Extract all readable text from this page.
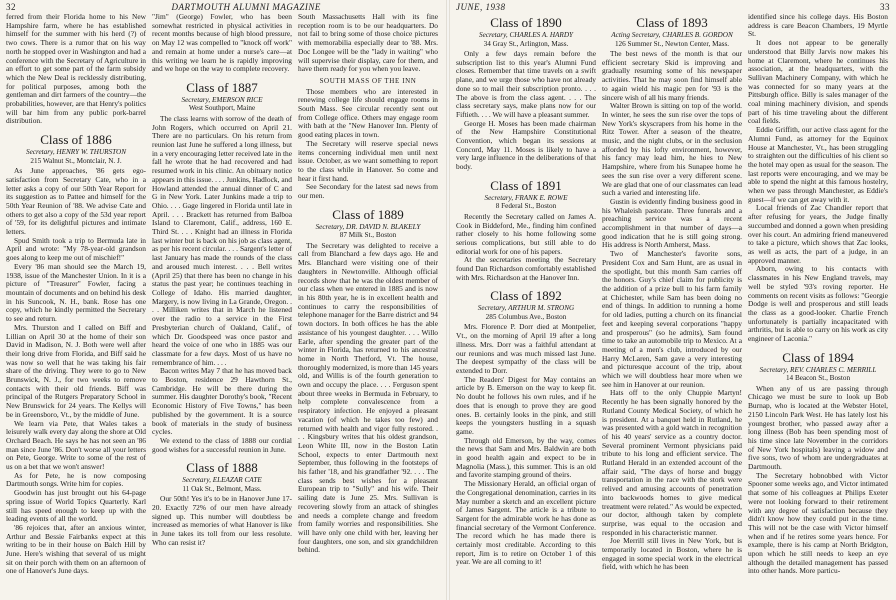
32	DARTMOUTH ALUMNI MAGAZINE

ferred from their Florida home to his New Hampshire farm, where he has established himself for the summer with his herd (?) of two cows. There is a rumor that on his way north he stopped over in Washington and had a conference with the Secretary of Agriculture in an effort to get some part of the farm subsidy which the New Deal is recklessly distributing, for political purposes, among both the gentleman and dirt farmers of the country—the probabilities, however, are that Henry's politics will bar him from any public pork-barrel distribution.

Class of 1886
Secretary, HENRY W. THURSTON
215 Walnut St., Montclair, N. J.

As June approaches, '86 gets ego-satisfaction from Secretary Cate, who in a letter asks a copy of our 50th Year Report for its suggestion as to Pattee and himself for the 50th Year Reunion of '88. We advise Cate and others to get also a copy of the 53d year report of '59, for its delightful pictures and intimate letters.

Spud Smith took a trip to Bermuda late in April and wrote: "My 78-year-old grandson goes along to keep me out of mischief!"

Every '86 man should see the March 19, 1938, issue of the Manchester Union. In it is a picture of "Treasurer" Fowler, facing a mountain of documents and on behind his desk in his Suncook, N. H., bank. Rose has one copy, which he kindly permitted the Secretary to see and return.

Mrs. Thurston and I called on Biff and Lillian on April 30 at the home of their son David in Madison, N. J. Both were well after their long drive from Florida, and Biff said he was now so well that he was taking his fair share of the driving. They were to go to New Brunswick, N. J., for two weeks to remove contacts with their old friends. Biff was principal of the Rutgers Preparatory School in New Brunswick for 24 years. The Kellys will be in Greensboro, Vt., by the middle of June.

We learn via Pete, that Wales takes a leisurely walk every day along the shore at Old Orchard Beach. He says he has not seen an '86 man since June '86. Don't worse all your letters on Pete, George. Write to some of the rest of us on a bet that we won't answer!

As for Pete, he is now composing Dartmouth songs. Write him for copies.

Goodwin has just brought out his 64-page spring issue of World Topics Quarterly. Karl still has speed enough to keep up with the leading events of all the world.

'86 rejoices that, after an anxious winter, Arthur and Bessie Fairbanks expect at this writing to be in their house on Balch Hill by June. Here's wishing that several of us might sit on their porch with them on an afternoon of one of Hanover's June days.

"Jim" (George) Fowler, who has been somewhat restricted in physical activities in recent months because of high blood pressure, on May 12 was compelled to "knock off work" and remain at home under a nurse's care—at this writing we learn he is rapidly improving and we hope on the way to complete recovery.

Class of 1887
Secretary, EMERSON RICE
West Southport, Maine

The class learns with sorrow of the death of John Rogers, which occurred on April 21. There are no particulars. On his return from reunion last June he suffered a long illness, but in a very encouraging letter received late in the fall he wrote that he had recovered and had resumed work in his clinic. An obituary notice appears in this issue. . . . Junkins, Hadlock, and Howland attended the annual dinner of C and G in New York. Later Junkins made a trip to Ohio. . . . Gage lingered in Florida until late in April. . . . Brackett has returned from Balboa Island to Claremont, Calif., address, 160 E. Third St. . . . Knight had an illness in Florida last winter but is back on his job as class agent, as per his recent circular. . . . Sargent's letter of last January has made the rounds of the class and aroused much interest. . . . Bell writes (April 25) that there has been no change in his status the past year; he continues teaching in College of Idaho. His married daughter, Margery, is now living in La Grande, Oregon. . . . Milliken writes that in March he listened over the radio to a service in the First Presbyterian church of Oakland, Calif., of which Dr. Goodspeed was once pastor and heard the voice of one who in 1885 was our classmate for a few days. Most of us have no remembrance of him. . . .

Bacon writes May 7 that he has moved back to Boston, residence 29 Hawthorn St., Cambridge. He will be there during the summer. His daughter Dorothy's book, "Recent Economic History of Five Towns," has been published by the government. It is a source book of materials in the study of business cycles.

We extend to the class of 1888 our cordial good wishes for a successful reunion in June.

Class of 1888
Secretary, ELEAZAR CATE
11 Oak St., Belmont, Mass.

Our 50th! Yes it's to be in Hanover June 17-20. Exactly 72% of our men have already signed up. This number will doubtless be increased as memories of what Hanover is like in June takes its toll from our less resolute. Who can resist it?

South Massachusetts Hall with its fine reception room is to be our headquarters. Do not fail to bring some of those choice pictures with memorabilia especially dear to '88. Mrs. Doc Longee will be the "lady in waiting" who will supervise their display, care for them, and have them ready for you when you leave.

SOUTH MASS OF THE INN

Those members who are interested in renewing college life should engage rooms in South Mass. See circular recently sent out from College office. Others may engage room with bath at the "New Hanover Inn. Plenty of good eating places in town.

The Secretary will reserve special news items concerning individual men until next issue. October, as we want something to report to the class while in Hanover. So come and hear it first hand.

See Secondary for the latest sad news from our men.

Class of 1889
Secretary, DR. DAVID N. BLAKELY
87 Milk St., Boston

The Secretary was delighted to receive a call from Blanchard a few days ago. He and Mrs. Blanchard were visiting one of their daughters in Newtonville. Although official records show that he was the oldest member of our class when we entered in 1885 and is now in his 80th year, he is in excellent health and continues to carry the responsibilities of telephone manager for the Barre district and 94 town doctors. In both offices he has the able assistance of his youngest daughter. . . . Willo Earle, after spending the greater part of the winter in Florida, has returned to his ancestral home in North Thetford, Vt. The house, thoroughly modernized, is more than 145 years old, and Willis is of the fourth generation to own and occupy the place. . . . Ferguson spent about three weeks in Bermuda in February, to help complete convalescence from a respiratory infection. He enjoyed a pleasant vacation (of which he takes too few) and returned with health and vigor fully restored. . . . Kingsbury writes that his oldest grandson, Leon White III, now in the Boston Latin School, expects to enter Dartmouth next September, thus following in the footsteps of his father '18, and his grandfather '92. . . . The class sends best wishes for a pleasant European trip to "Sully" and his wife. Their sailing date is June 25. Mrs. Sullivan is recovering slowly from an attack of shingles and needs a complete change and freedom from family worries and responsibilities. She will have only one child with her, leaving her four daughters, one son, and six grandchildren behind.

JUNE, 1938	33
Class of 1890
Secretary, CHARLES A. HARDY
34 Gray St., Arlington, Mass.

Only a few days remain before the subscription list to this year's Alumni Fund closes. Remember that time travels on a swift plane, and we urge those who have not already done so to mail their subscription pronto. . . . The above is from the class agent. . . . The class secretary says, make plans now for our Fiftieth. . . . We will have a pleasant summer.

George H. Moses has been made chairman of the New Hampshire Constitutional Convention, which began its sessions at Concord, May 11. Moses is likely to have a very large influence in the deliberations of that body.

Class of 1891
Secretary, FRANK E. ROWE
8 Federal St., Boston

Recently the Secretary called on James A. Cook in Biddeford, Me., finding him confined rather closely to his home following some serious complications, but still able to do editorial work for one of his papers.

At the secretaries meeting the Secretary found Dan Richardson comfortably established with Mrs. Richardson at the Hanover Inn.

Class of 1892
Secretary, ARTHUR M. STRONG
285 Columbus Ave., Boston

Mrs. Florence P. Dorr died at Montpelier, Vt., on the morning of April 19 after a long illness. Mrs. Dorr was a faithful attendant at our reunions and was much missed last June. The deepest sympathy of the class will be extended to Dorr.

The Readers' Digest for May contains an article by B. Emerson on the way to keep fit. No doubt he follows his own rules, and if he does that is enough to prove they are good ones. B. certainly looks in the pink, and still keeps the youngsters hustling in a squash game.

Through old Emerson, by the way, comes the news that Sam and Mrs. Baldwin are both in good health again and expect to be in Magnolia (Mass.), this summer. This is an old and favorite stamping ground of theirs.

The Missionary Herald, an official organ of the Congregational denomination, carries in its May number a sketch and an excellent picture of James Sargent. The article is a tribute to Sargent for the admirable work he has done as financial secretary of the Vermont Conference. The record which he has made there is certainly most creditable. According to this report, Jim is to retire on October 1 of this year. We are all coming to it!

Class of 1893
Acting Secretary, CHARLES B. GORDON
126 Summer St., Newton Center, Mass.

The best news of the month is that our efficient secretary Skid is improving and gradually resuming some of his newspaper activities. That he may soon find himself able to again wield his magic pen for '93 is the sincere wish of all his many friends.

Walter Brown is sitting on top of the world. In winter, he sees the sun rise over the tops of New York's skyscrapers from his home in the Ritz Tower. After a season of the theatre, music, and the night clubs, or in the seclusion afforded by his lofty environment, however, his fancy may lead him, he hies to New Hampshire, where from his Sunapee home he sees the sun rise over a very different scene. We are glad that one of our classmates can lead such a varied and interesting life.

Gustin is evidently finding business good in his Whaleish pastorate. Three funerals and a preaching service was a recent accomplishment in that number of days—a good indication that he is still going strong. His address is North Amherst, Mass.

Two of Manchester's favorite sons, President Cox and Sam Hunt, are as usual in the spotlight, but this month Sam carries off the honors. Guy's chief claim for publicity is the addition of a prize bull to his farm family at Chichester, while Sam has been doing no end of things. In addition to running a home for old ladies, putting a church on its financial feet and keeping several corporations "happy and prosperous" (so he admits), Sam found time to take an automobile trip to Mexico. At a meeting of a men's club, introduced by our Harry McLaren, Sam gave a very interesting and picturesque account of the trip, about which we will doubtless hear more when we see him in Hanover at our reunion.

Hats off to the only Chuppie Martyn! Recently he has been signally honored by the Rutland County Medical Society, of which he is president. At a banquet held in Rutland, he was presented with a gold watch in recognition of his 40 years' service as a country doctor. Several prominent Vermont physicians paid tribute to his long and efficient service. The Rutland Herald in an extended account of the affair said, "The days of horse and buggy transportation in the race with the stork were relived and amusing accounts of penetration into backwoods homes to give medical treatment were related." As would be expected, our doctor, although taken by complete surprise, was equal to the occasion and responded in his characteristic manner.

Joe Merrill still lives in New York, but is temporarily located in Boston, where he is engaged in some special work in the electrical field, with which he has been

identified since his college days. His Boston address is care Beacon Chambers, 19 Myrtle St.

It does not appear to be generally understood that Billy Jarvis now makes his home at Claremont, where he continues his association, at the headquarters, with the Sullivan Machinery Company, with which he was connected for so many years at the Pittsburgh office. Billy is sales manager of the coal mining machinery division, and spends part of his time traveling about the different coal fields.

Eddie Griffith, our active class agent for the Alumni Fund, as attorney for the Equinox House at Manchester, Vt., has been struggling to straighten out the difficulties of his client so the hotel may open as usual for the season. The last reports were encouraging, and we may be able to spend the night at this famous hostelry, when we pass through Manchester, as Eddie's guest—if we can get away with it.

Local friends of Zac Chandler report that after refusing for years, the Judge finally succumbed and donned a gown when presiding over his court. An admiring friend maneuvered to take a picture, which shows that Zac looks, as well as acts, the part of a judge, in an approved manner.

Aborn, owing to his contacts with classmates in his New England travels, may well be styled '93's roving reporter. He comments on recent visits as follows: "Georgie Dodge is well and prosperous and still leads the class as a good-looker. Charlie French unfortunately is partially incapacitated with arthritis, but is able to carry on his work as city engineer of Laconia."

Class of 1894
Secretary, REV. CHARLES C. MERRILL
14 Beacon St., Boston

When any of us are passing through Chicago we must be sure to look up Bob Burnap, who is located at the Webster Hotel, 2150 Lincoln Park West. He has lately lost his youngest brother, who passed away after a long illness (Bob has been spending most of his time since late November in the corridors of New York hospitals) leaving a widow and five sons, two of whom are undergraduates at Dartmouth.

The Secretary hobnobbed with Victor Spooner some weeks ago, and Victor intimated that some of his colleagues at Philips Exeter were not looking forward to their retirement with any degree of satisfaction because they didn't know how they could put in the time. This will not be the case with Victor himself when and if he retires some years hence. For example, there is his camp at North Bridgton, upon which he still needs to keep an eye although the detailed management has passed into other hands. More particu-
